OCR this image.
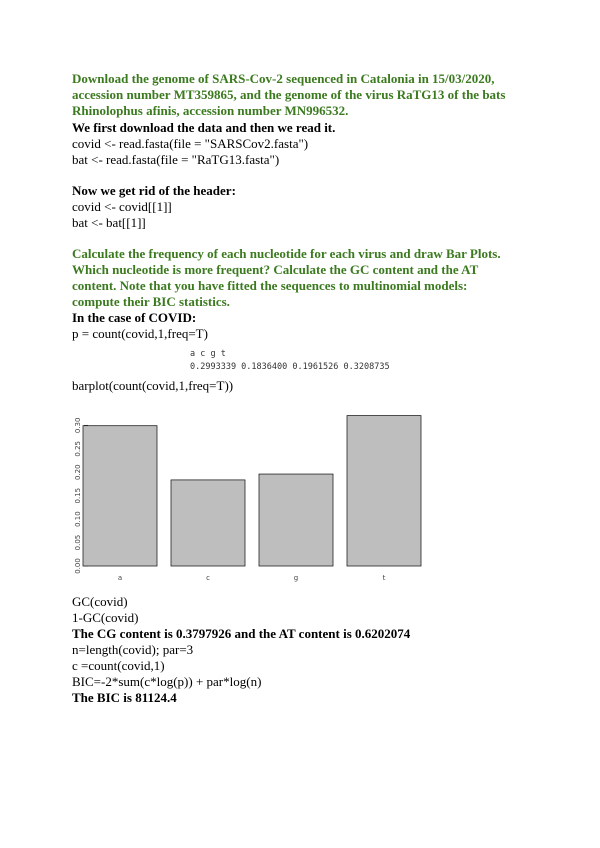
Download the genome of SARS-Cov-2 sequenced in Catalonia in 15/03/2020,
accession number MT359865, and the genome of the virus RaTG13 of the bats
Rhinolophus afinis, accession number MN996532.
We first download the data and then we read it.
covid <- read.fasta(file = "SARSCov2.fasta")
bat <- read.fasta(file = "RaTG13.fasta")
Now we get rid of the header:
covid <- covid[[1]]
bat <- bat[[1]]
Calculate the frequency of each nucleotide for each virus and draw Bar Plots.
Which nucleotide is more frequent? Calculate the GC content and the AT
content. Note that you have fitted the sequences to multinomial models:
compute their BIC statistics.
In the case of COVID:
p = count(covid,1,freq=T)
a c g t
0.2993339 0.1836400 0.1961526 0.3208735
barplot(count(covid,1,freq=T))
0.00
0.05
0.10
0.15
0.20
0.25
0.30
a	c	g	t
GC(covid)
1-GC(covid)
The CG content is 0.3797926 and the AT content is 0.6202074
n=length(covid); par=3
c =count(covid,1)
BIC=-2*sum(c*log(p)) + par*log(n)
The BIC is 81124.4
